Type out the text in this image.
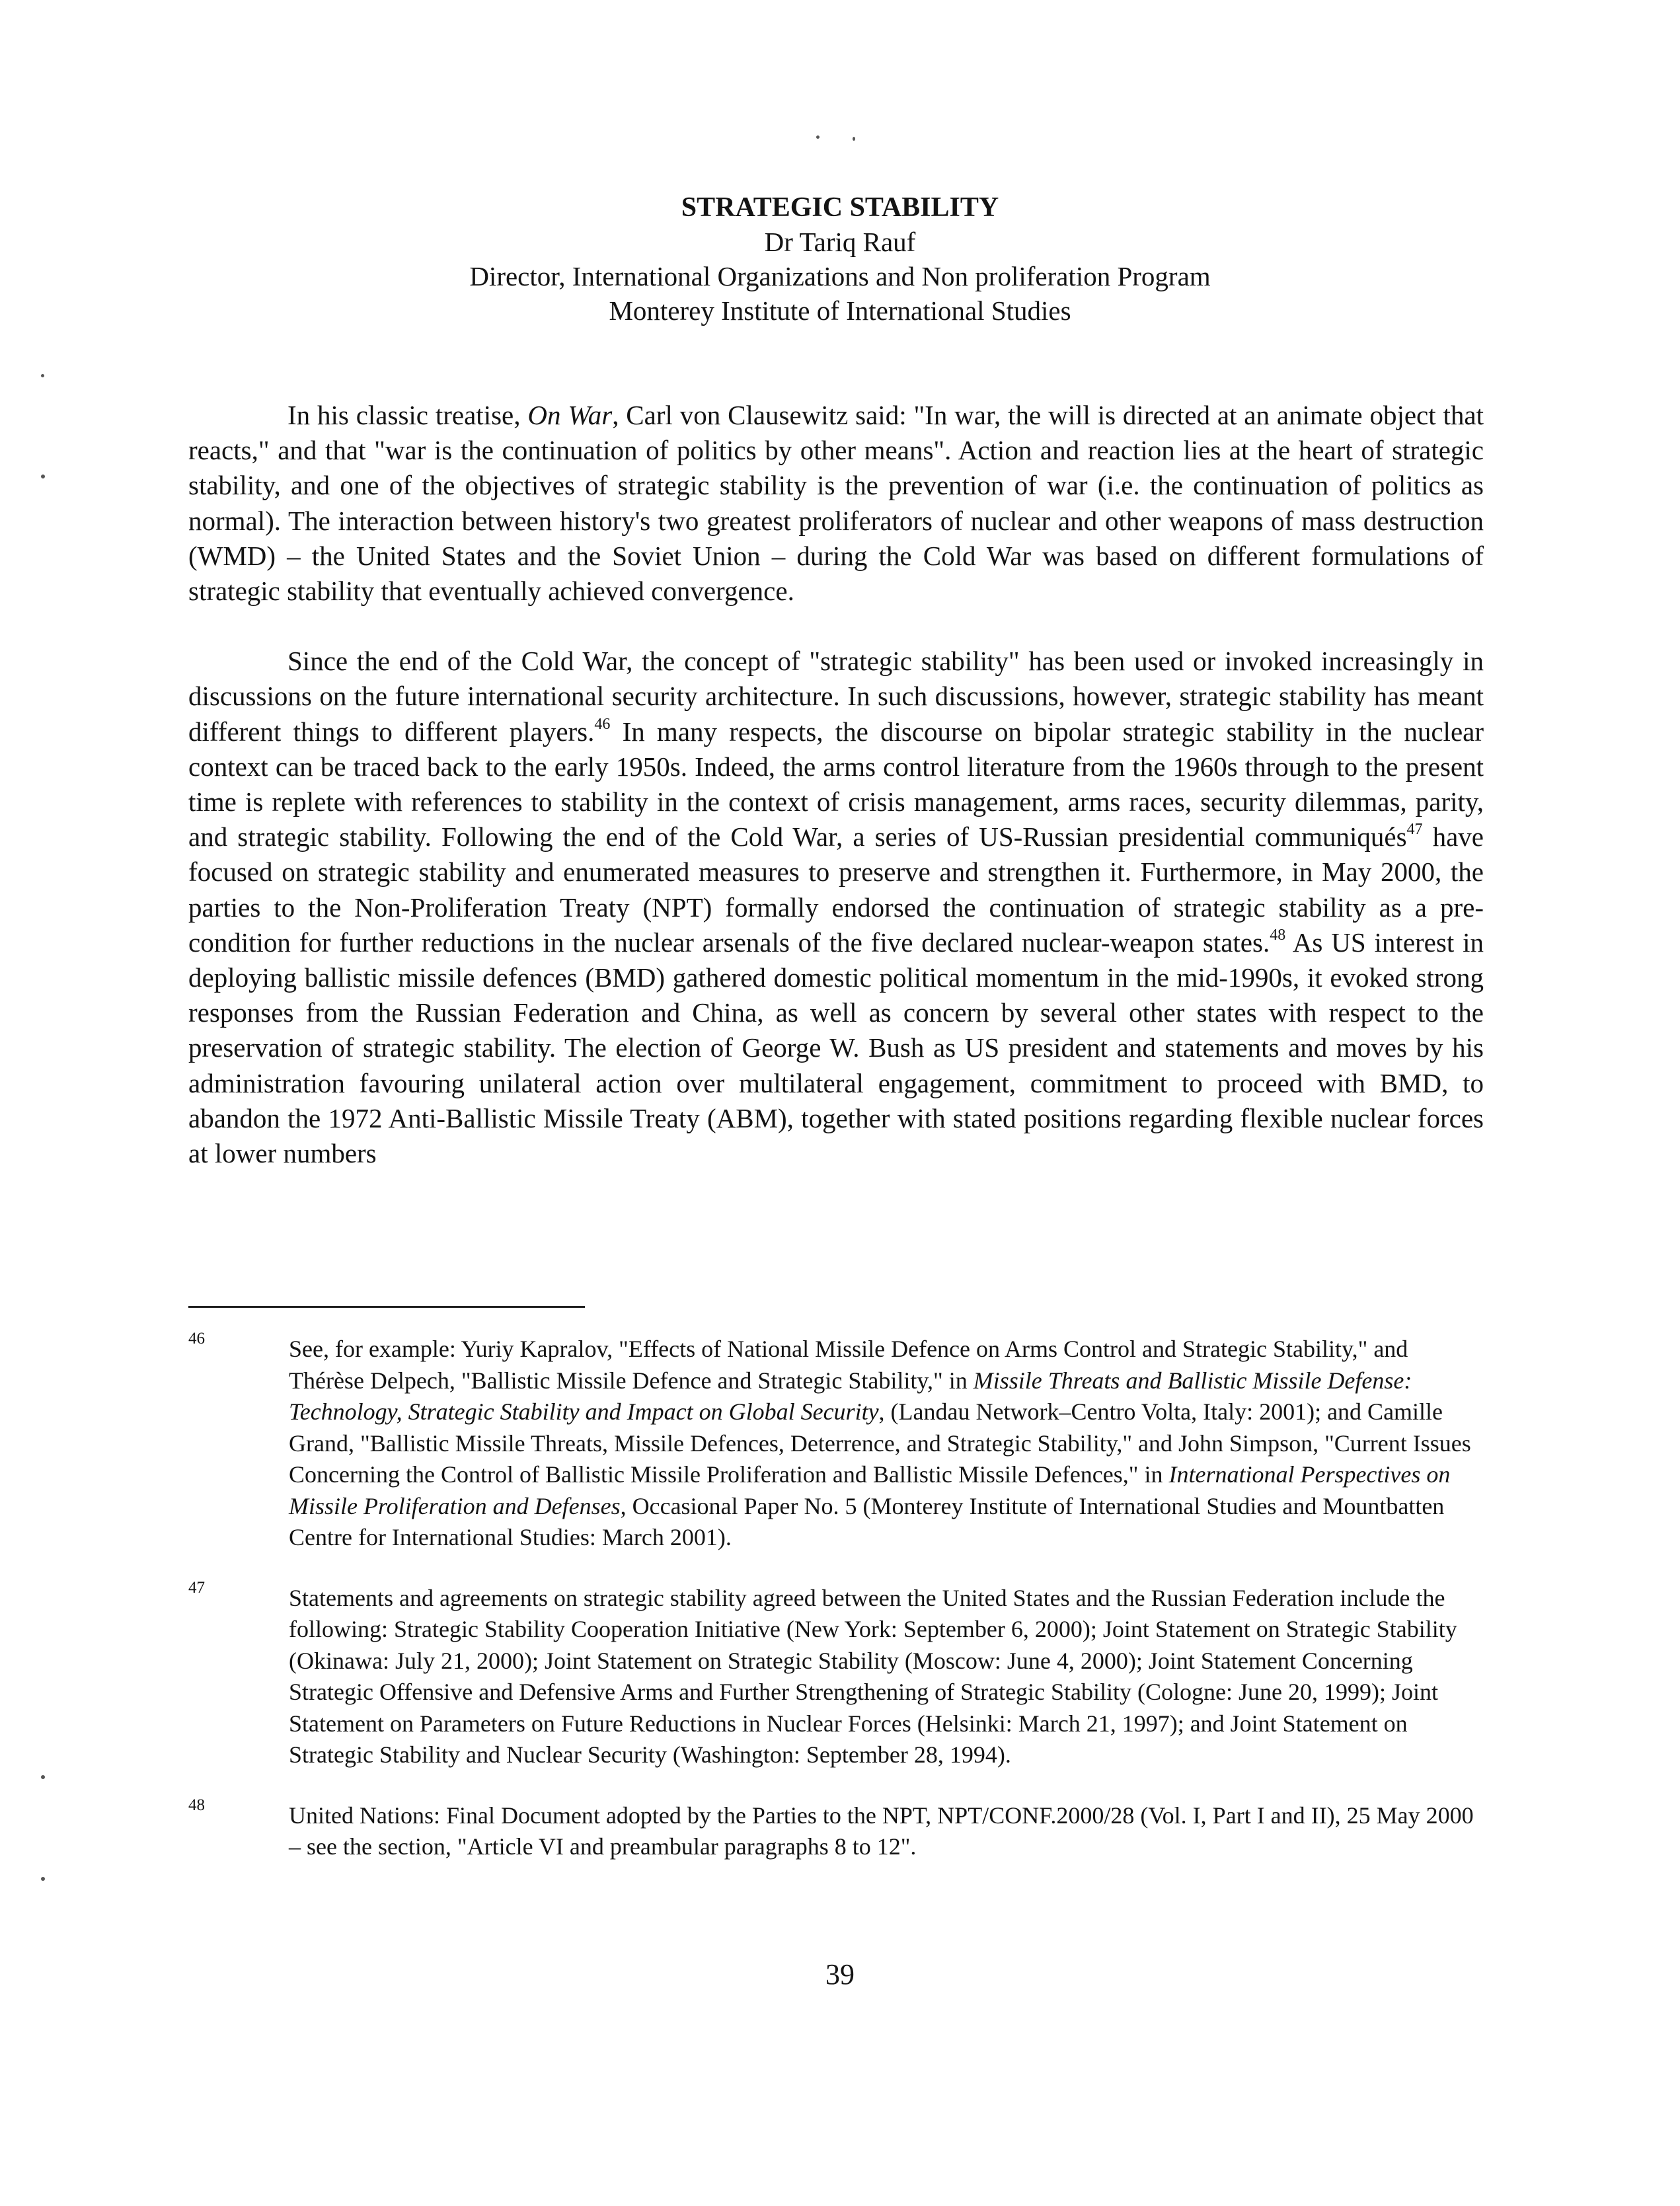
STRATEGIC STABILITY
Dr Tariq Rauf
Director, International Organizations and Non proliferation Program
Monterey Institute of International Studies

In his classic treatise, On War, Carl von Clausewitz said: "In war, the will is directed at an animate object that reacts," and that "war is the continuation of politics by other means". Action and reaction lies at the heart of strategic stability, and one of the objectives of strategic stability is the prevention of war (i.e. the continuation of politics as normal). The interaction between history's two greatest proliferators of nuclear and other weapons of mass destruction (WMD) – the United States and the Soviet Union – during the Cold War was based on different formulations of strategic stability that eventually achieved convergence.

Since the end of the Cold War, the concept of "strategic stability" has been used or invoked increasingly in discussions on the future international security architecture. In such discussions, however, strategic stability has meant different things to different players.$^{46}$ In many respects, the discourse on bipolar strategic stability in the nuclear context can be traced back to the early 1950s. Indeed, the arms control literature from the 1960s through to the present time is replete with references to stability in the context of crisis management, arms races, security dilemmas, parity, and strategic stability. Following the end of the Cold War, a series of US-Russian presidential communiqués$^{47}$ have focused on strategic stability and enumerated measures to preserve and strengthen it. Furthermore, in May 2000, the parties to the Non-Proliferation Treaty (NPT) formally endorsed the continuation of strategic stability as a pre-condition for further reductions in the nuclear arsenals of the five declared nuclear-weapon states.$^{48}$ As US interest in deploying ballistic missile defences (BMD) gathered domestic political momentum in the mid-1990s, it evoked strong responses from the Russian Federation and China, as well as concern by several other states with respect to the preservation of strategic stability. The election of George W. Bush as US president and statements and moves by his administration favouring unilateral action over multilateral engagement, commitment to proceed with BMD, to abandon the 1972 Anti-Ballistic Missile Treaty (ABM), together with stated positions regarding flexible nuclear forces at lower numbers

46	See, for example: Yuriy Kapralov, "Effects of National Missile Defence on Arms Control and Strategic Stability," and Thérèse Delpech, "Ballistic Missile Defence and Strategic Stability," in Missile Threats and Ballistic Missile Defense: Technology, Strategic Stability and Impact on Global Security, (Landau Network–Centro Volta, Italy: 2001); and Camille Grand, "Ballistic Missile Threats, Missile Defences, Deterrence, and Strategic Stability," and John Simpson, "Current Issues Concerning the Control of Ballistic Missile Proliferation and Ballistic Missile Defences," in International Perspectives on Missile Proliferation and Defenses, Occasional Paper No. 5 (Monterey Institute of International Studies and Mountbatten Centre for International Studies: March 2001).
47	Statements and agreements on strategic stability agreed between the United States and the Russian Federation include the following: Strategic Stability Cooperation Initiative (New York: September 6, 2000); Joint Statement on Strategic Stability (Okinawa: July 21, 2000); Joint Statement on Strategic Stability (Moscow: June 4, 2000); Joint Statement Concerning Strategic Offensive and Defensive Arms and Further Strengthening of Strategic Stability (Cologne: June 20, 1999); Joint Statement on Parameters on Future Reductions in Nuclear Forces (Helsinki: March 21, 1997); and Joint Statement on Strategic Stability and Nuclear Security (Washington: September 28, 1994).
48	United Nations: Final Document adopted by the Parties to the NPT, NPT/CONF.2000/28 (Vol. I, Part I and II), 25 May 2000 – see the section, "Article VI and preambular paragraphs 8 to 12".
39
